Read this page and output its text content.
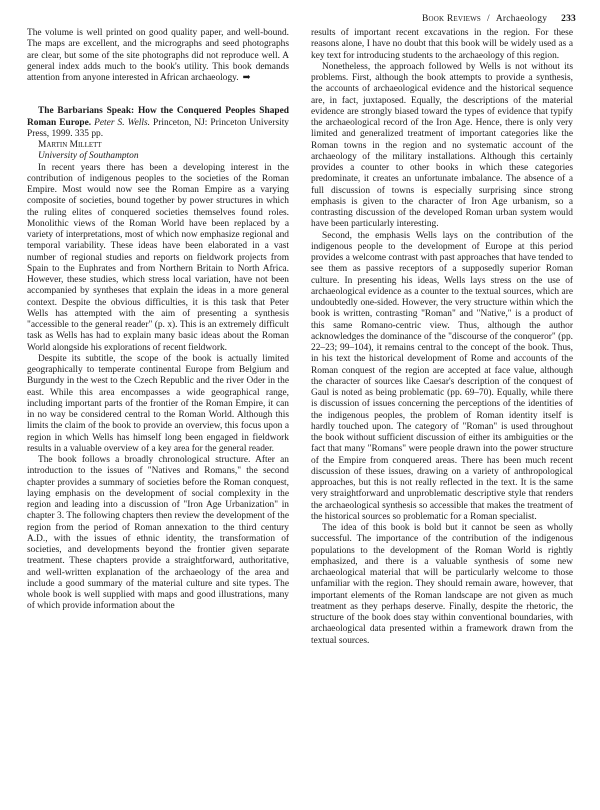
Book Reviews / Archaeology 233

The volume is well printed on good quality paper, and well-bound. The maps are excellent, and the micrographs and seed photographs are clear, but some of the site photographs did not reproduce well. A general index adds much to the book's utility. This book demands attention from anyone interested in African archaeology. ➡

The Barbarians Speak: How the Conquered Peoples Shaped Roman Europe. Peter S. Wells. Princeton, NJ: Princeton University Press, 1999. 335 pp.

Martin Millett

University of Southampton

In recent years there has been a developing interest in the contribution of indigenous peoples to the societies of the Roman Empire. Most would now see the Roman Empire as a varying composite of societies, bound together by power structures in which the ruling elites of conquered societies themselves found roles. Monolithic views of the Roman World have been replaced by a variety of interpretations, most of which now emphasize regional and temporal variability. These ideas have been elaborated in a vast number of regional studies and reports on fieldwork projects from Spain to the Euphrates and from Northern Britain to North Africa. However, these studies, which stress local variation, have not been accompanied by syntheses that explain the ideas in a more general context. Despite the obvious difficulties, it is this task that Peter Wells has attempted with the aim of presenting a synthesis "accessible to the general reader" (p. x). This is an extremely difficult task as Wells has had to explain many basic ideas about the Roman World alongside his explorations of recent fieldwork.

Despite its subtitle, the scope of the book is actually limited geographically to temperate continental Europe from Belgium and Burgundy in the west to the Czech Republic and the river Oder in the east. While this area encompasses a wide geographical range, including important parts of the frontier of the Roman Empire, it can in no way be considered central to the Roman World. Although this limits the claim of the book to provide an overview, this focus upon a region in which Wells has himself long been engaged in fieldwork results in a valuable overview of a key area for the general reader.

The book follows a broadly chronological structure. After an introduction to the issues of "Natives and Romans," the second chapter provides a summary of societies before the Roman conquest, laying emphasis on the development of social complexity in the region and leading into a discussion of "Iron Age Urbanization" in chapter 3. The following chapters then review the development of the region from the period of Roman annexation to the third century A.D., with the issues of ethnic identity, the transformation of societies, and developments beyond the frontier given separate treatment. These chapters provide a straightforward, authoritative, and well-written explanation of the archaeology of the area and include a good summary of the material culture and site types. The whole book is well supplied with maps and good illustrations, many of which provide information about the

results of important recent excavations in the region. For these reasons alone, I have no doubt that this book will be widely used as a key text for introducing students to the archaeology of this region.

Nonetheless, the approach followed by Wells is not without its problems. First, although the book attempts to provide a synthesis, the accounts of archaeological evidence and the historical sequence are, in fact, juxtaposed. Equally, the descriptions of the material evidence are strongly biased toward the types of evidence that typify the archaeological record of the Iron Age. Hence, there is only very limited and generalized treatment of important categories like the Roman towns in the region and no systematic account of the archaeology of the military installations. Although this certainly provides a counter to other books in which these categories predominate, it creates an unfortunate imbalance. The absence of a full discussion of towns is especially surprising since strong emphasis is given to the character of Iron Age urbanism, so a contrasting discussion of the developed Roman urban system would have been particularly interesting.

Second, the emphasis Wells lays on the contribution of the indigenous people to the development of Europe at this period provides a welcome contrast with past approaches that have tended to see them as passive receptors of a supposedly superior Roman culture. In presenting his ideas, Wells lays stress on the use of archaeological evidence as a counter to the textual sources, which are undoubtedly one-sided. However, the very structure within which the book is written, contrasting "Roman" and "Native," is a product of this same Romano-centric view. Thus, although the author acknowledges the dominance of the "discourse of the conqueror" (pp. 22–23; 99–104), it remains central to the concept of the book. Thus, in his text the historical development of Rome and accounts of the Roman conquest of the region are accepted at face value, although the character of sources like Caesar's description of the conquest of Gaul is noted as being problematic (pp. 69–70). Equally, while there is discussion of issues concerning the perceptions of the identities of the indigenous peoples, the problem of Roman identity itself is hardly touched upon. The category of "Roman" is used throughout the book without sufficient discussion of either its ambiguities or the fact that many "Romans" were people drawn into the power structure of the Empire from conquered areas. There has been much recent discussion of these issues, drawing on a variety of anthropological approaches, but this is not really reflected in the text. It is the same very straightforward and unproblematic descriptive style that renders the archaeological synthesis so accessible that makes the treatment of the historical sources so problematic for a Roman specialist.

The idea of this book is bold but it cannot be seen as wholly successful. The importance of the contribution of the indigenous populations to the development of the Roman World is rightly emphasized, and there is a valuable synthesis of some new archaeological material that will be particularly welcome to those unfamiliar with the region. They should remain aware, however, that important elements of the Roman landscape are not given as much treatment as they perhaps deserve. Finally, despite the rhetoric, the structure of the book does stay within conventional boundaries, with archaeological data presented within a framework drawn from the textual sources.
